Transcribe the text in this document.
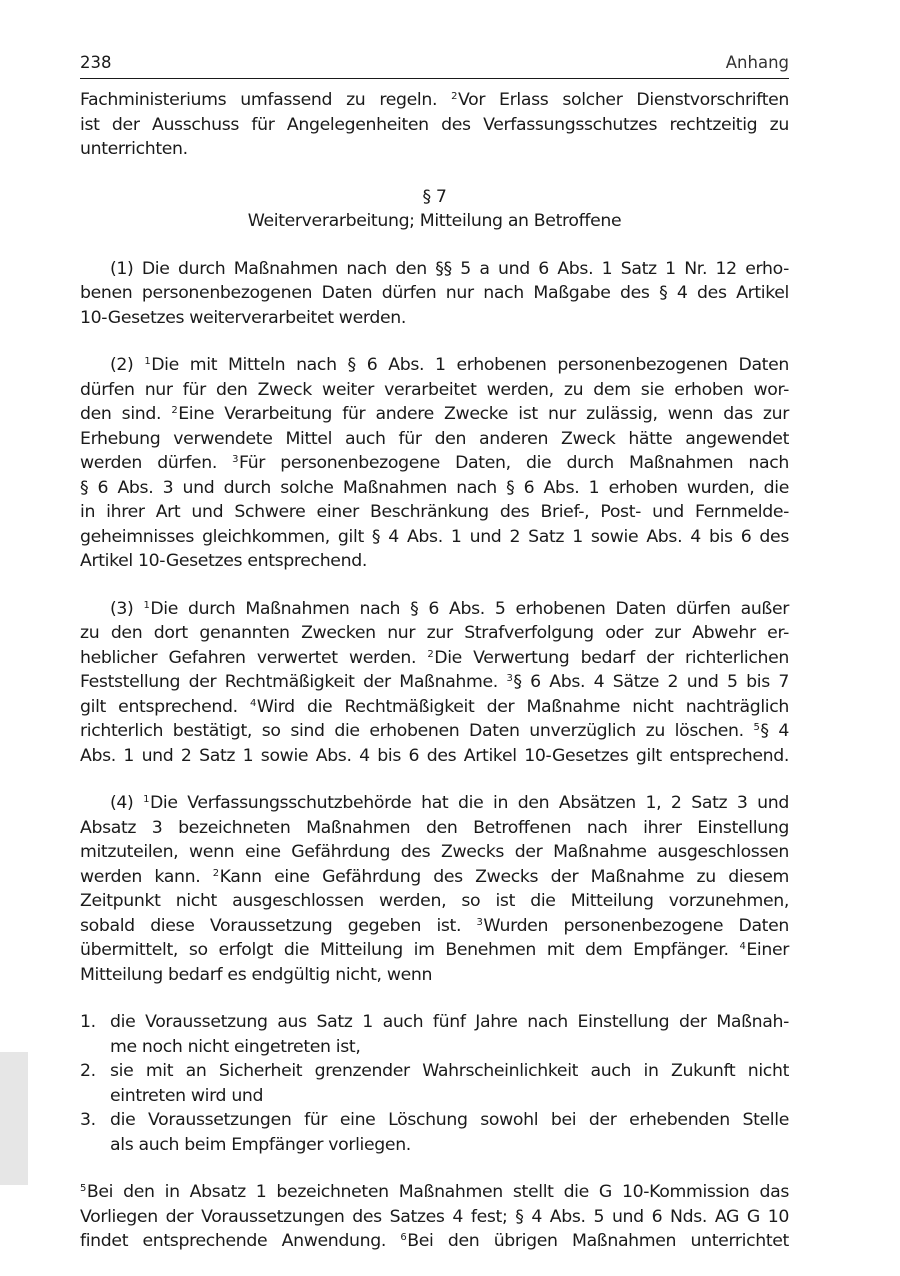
238	Anhang

Fachministeriums umfassend zu regeln. $^2$Vor Erlass solcher Dienstvorschriften
ist der Ausschuss für Angelegenheiten des Verfassungsschutzes rechtzeitig zu
unterrichten.

§ 7
Weiterverarbeitung; Mitteilung an Betroffene

(1) Die durch Maßnahmen nach den §§ 5 a und 6 Abs. 1 Satz 1 Nr. 12 erho-
benen personenbezogenen Daten dürfen nur nach Maßgabe des § 4 des Artikel
10-Gesetzes weiterverarbeitet werden.

(2) $^1$Die mit Mitteln nach § 6 Abs. 1 erhobenen personenbezogenen Daten
dürfen nur für den Zweck weiter verarbeitet werden, zu dem sie erhoben wor-
den sind. $^2$Eine Verarbeitung für andere Zwecke ist nur zulässig, wenn das zur
Erhebung verwendete Mittel auch für den anderen Zweck hätte angewendet
werden dürfen. $^3$Für personenbezogene Daten, die durch Maßnahmen nach
§ 6 Abs. 3 und durch solche Maßnahmen nach § 6 Abs. 1 erhoben wurden, die
in ihrer Art und Schwere einer Beschränkung des Brief-, Post- und Fernmelde-
geheimnisses gleichkommen, gilt § 4 Abs. 1 und 2 Satz 1 sowie Abs. 4 bis 6 des
Artikel 10-Gesetzes entsprechend.

(3) $^1$Die durch Maßnahmen nach § 6 Abs. 5 erhobenen Daten dürfen außer
zu den dort genannten Zwecken nur zur Strafverfolgung oder zur Abwehr er-
heblicher Gefahren verwertet werden. $^2$Die Verwertung bedarf der richterlichen
Feststellung der Rechtmäßigkeit der Maßnahme. $^3$§ 6 Abs. 4 Sätze 2 und 5 bis 7
gilt entsprechend. $^4$Wird die Rechtmäßigkeit der Maßnahme nicht nachträglich
richterlich bestätigt, so sind die erhobenen Daten unverzüglich zu löschen. $^5$§ 4
Abs. 1 und 2 Satz 1 sowie Abs. 4 bis 6 des Artikel 10-Gesetzes gilt entsprechend.

(4) $^1$Die Verfassungsschutzbehörde hat die in den Absätzen 1, 2 Satz 3 und
Absatz 3 bezeichneten Maßnahmen den Betroffenen nach ihrer Einstellung
mitzuteilen, wenn eine Gefährdung des Zwecks der Maßnahme ausgeschlossen
werden kann. $^2$Kann eine Gefährdung des Zwecks der Maßnahme zu diesem
Zeitpunkt nicht ausgeschlossen werden, so ist die Mitteilung vorzunehmen,
sobald diese Voraussetzung gegeben ist. $^3$Wurden personenbezogene Daten
übermittelt, so erfolgt die Mitteilung im Benehmen mit dem Empfänger. $^4$Einer
Mitteilung bedarf es endgültig nicht, wenn

1. die Voraussetzung aus Satz 1 auch fünf Jahre nach Einstellung der Maßnah-
me noch nicht eingetreten ist,
2. sie mit an Sicherheit grenzender Wahrscheinlichkeit auch in Zukunft nicht
eintreten wird und
3. die Voraussetzungen für eine Löschung sowohl bei der erhebenden Stelle
als auch beim Empfänger vorliegen.

$^5$Bei den in Absatz 1 bezeichneten Maßnahmen stellt die G 10-Kommission das
Vorliegen der Voraussetzungen des Satzes 4 fest; § 4 Abs. 5 und 6 Nds. AG G 10
findet entsprechende Anwendung. $^6$Bei den übrigen Maßnahmen unterrichtet
